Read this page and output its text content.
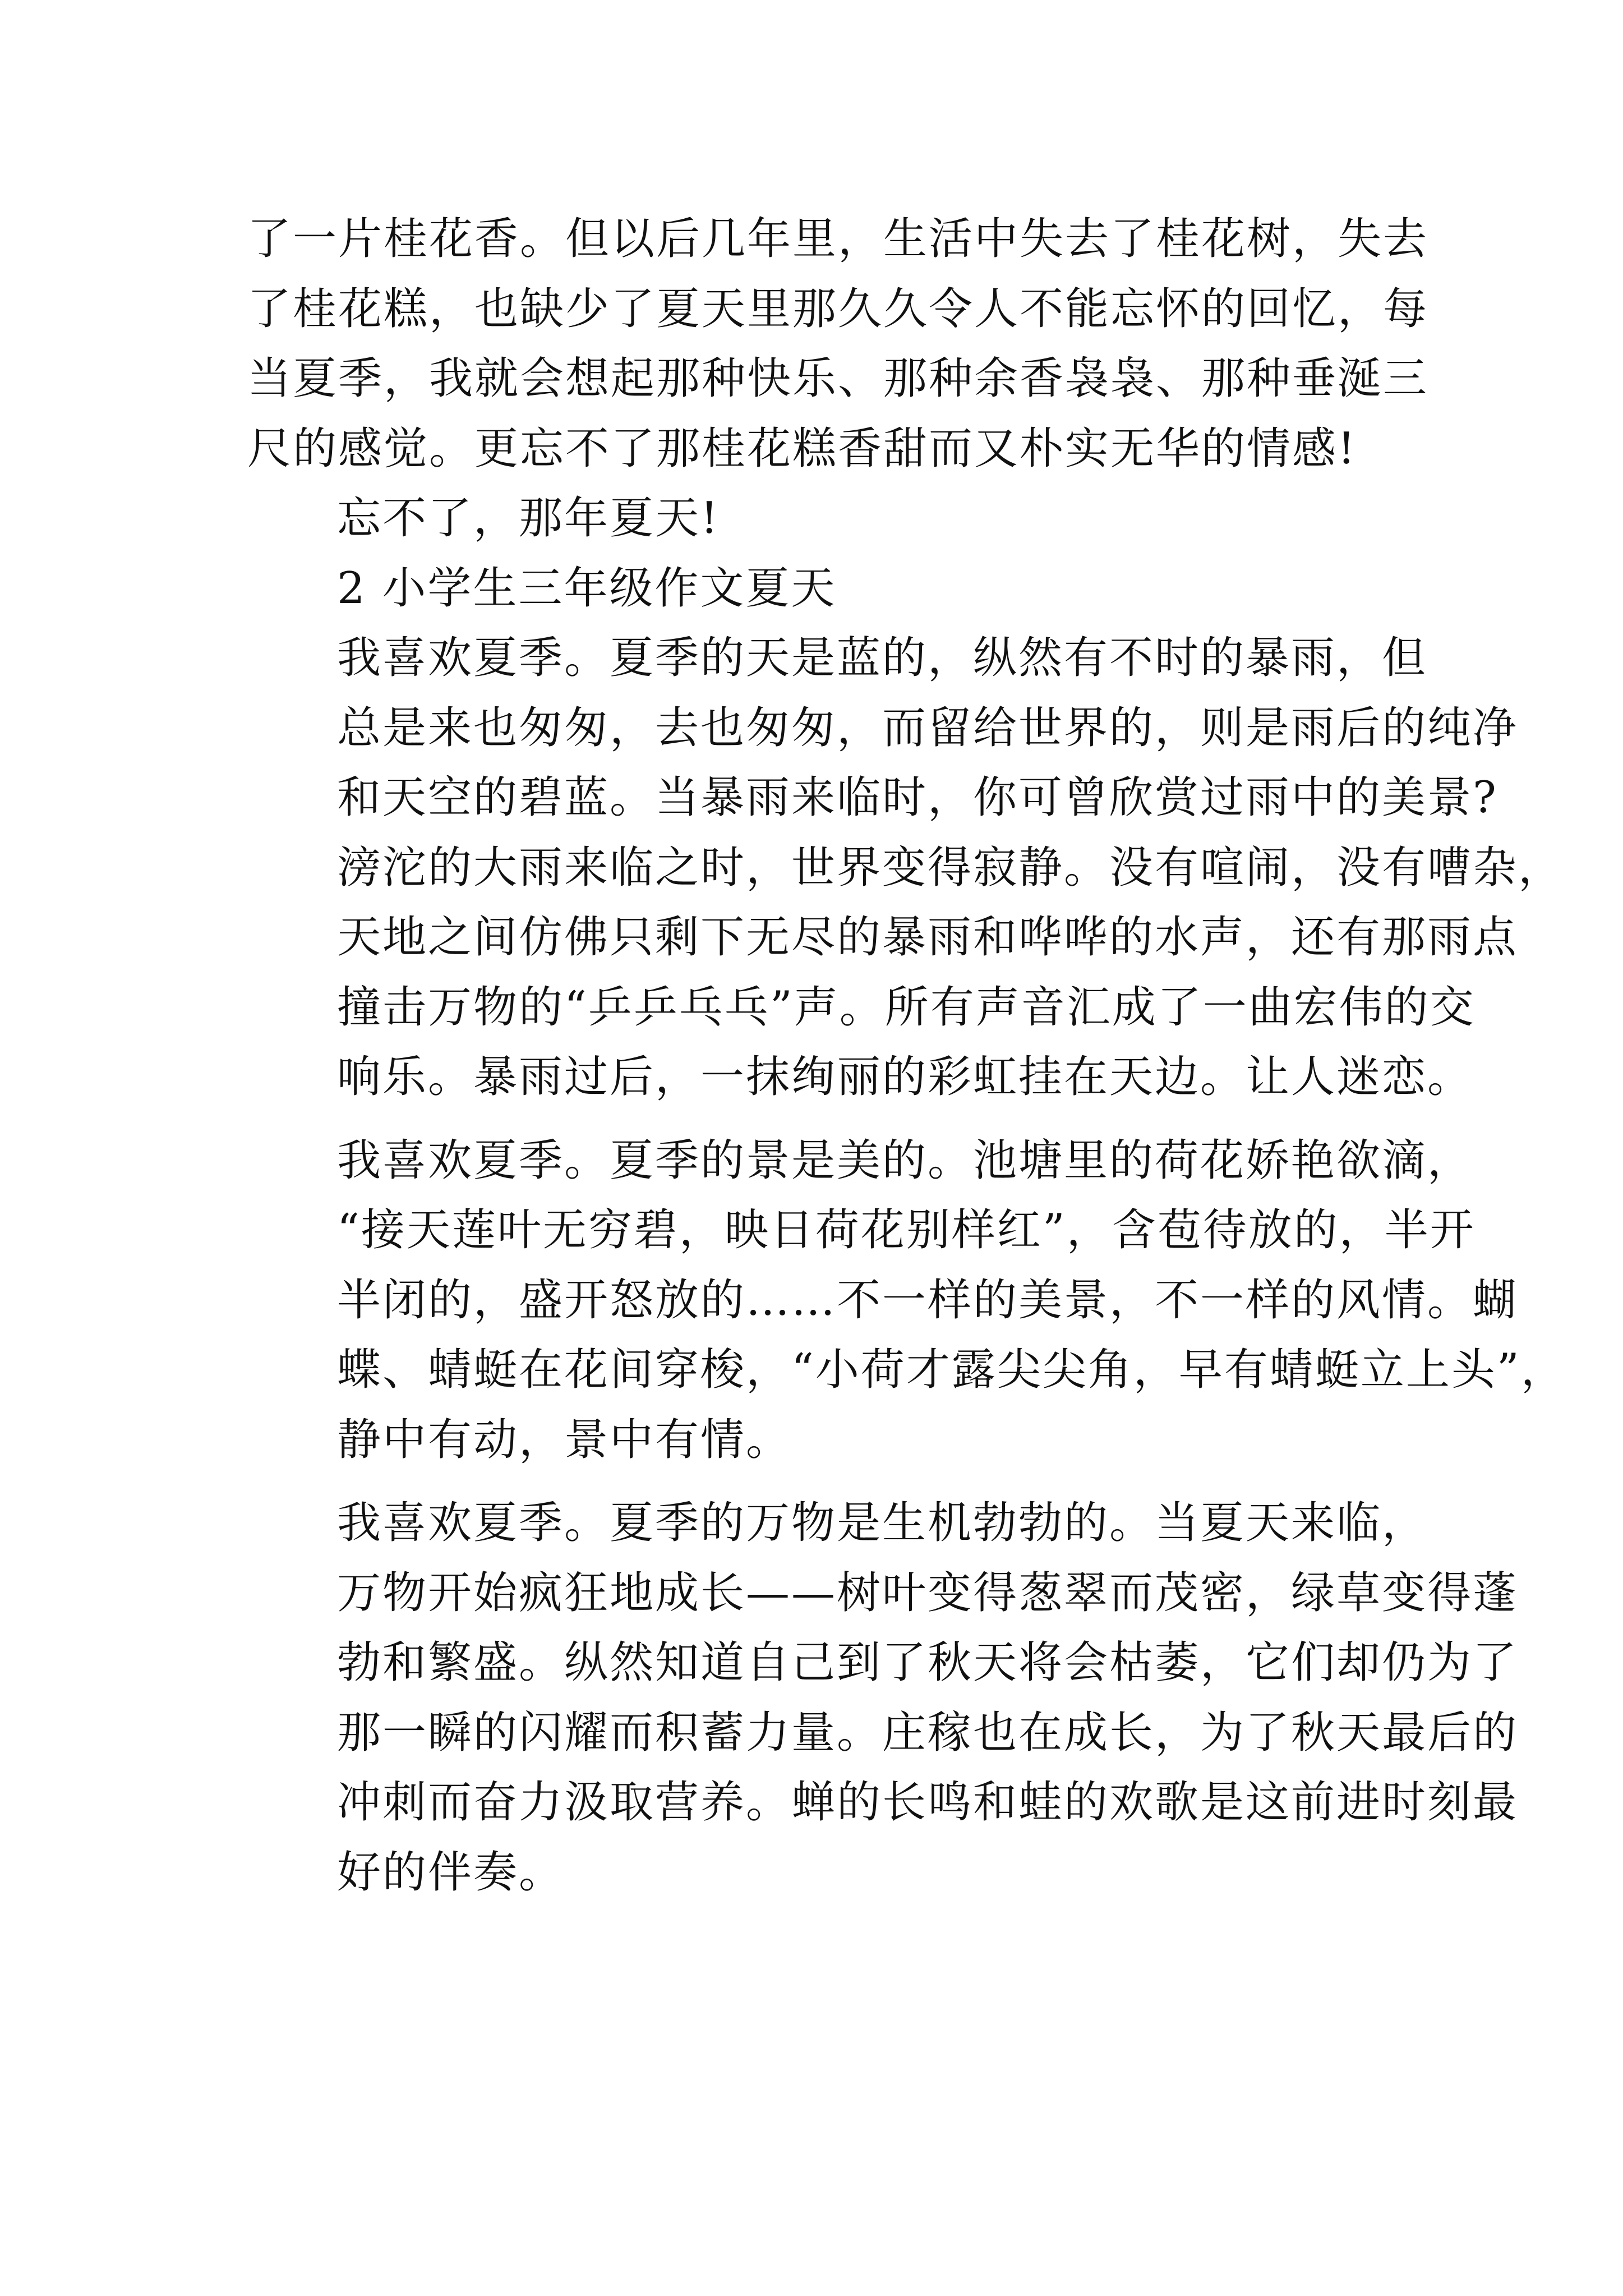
了一片桂花香。但以后几年里，生活中失去了桂花树，失去
了桂花糕，也缺少了夏天里那久久令人不能忘怀的回忆，每
当夏季，我就会想起那种快乐、那种余香袅袅、那种垂涎三
尺的感觉。更忘不了那桂花糕香甜而又朴实无华的情感!

忘不了，那年夏天!

2 小学生三年级作文夏天

我喜欢夏季。夏季的天是蓝的，纵然有不时的暴雨，但
总是来也匆匆，去也匆匆，而留给世界的，则是雨后的纯净
和天空的碧蓝。当暴雨来临时，你可曾欣赏过雨中的美景?
滂沱的大雨来临之时，世界变得寂静。没有喧闹，没有嘈杂，
天地之间仿佛只剩下无尽的暴雨和哗哗的水声，还有那雨点
撞击万物的“乒乒乓乓”声。所有声音汇成了一曲宏伟的交
响乐。暴雨过后，一抹绚丽的彩虹挂在天边。让人迷恋。

我喜欢夏季。夏季的景是美的。池塘里的荷花娇艳欲滴，
“接天莲叶无穷碧，映日荷花别样红”，含苞待放的，半开
半闭的，盛开怒放的……不一样的美景，不一样的风情。蝴
蝶、蜻蜓在花间穿梭，“小荷才露尖尖角，早有蜻蜓立上头”，
静中有动，景中有情。

我喜欢夏季。夏季的万物是生机勃勃的。当夏天来临，
万物开始疯狂地成长——树叶变得葱翠而茂密，绿草变得蓬
勃和繁盛。纵然知道自己到了秋天将会枯萎，它们却仍为了
那一瞬的闪耀而积蓄力量。庄稼也在成长，为了秋天最后的
冲刺而奋力汲取营养。蝉的长鸣和蛙的欢歌是这前进时刻最
好的伴奏。
